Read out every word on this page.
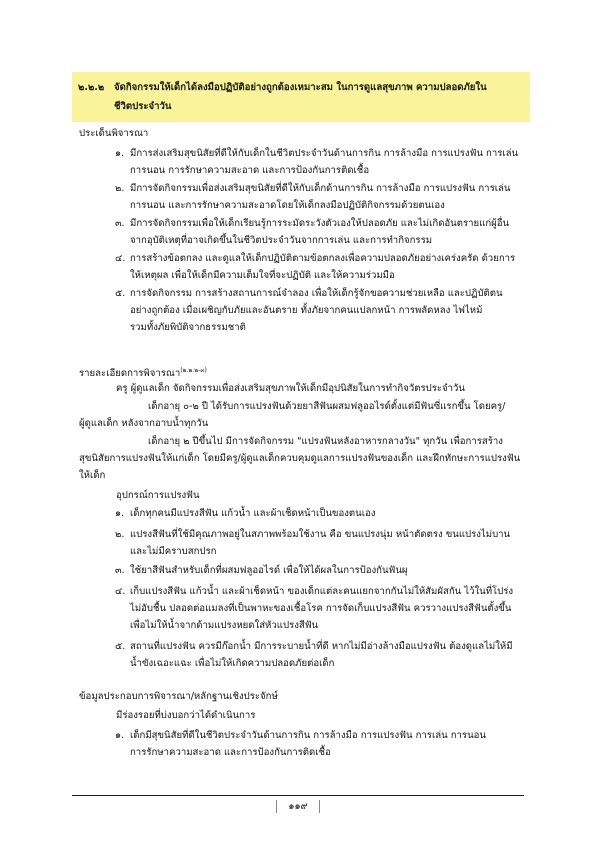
๒.๒.๒ จัดกิจกรรมให้เด็กได้ลงมือปฏิบัติอย่างถูกต้องเหมาะสม ในการดูแลสุขภาพ ความปลอดภัยใน
ชีวิตประจำวัน
ประเด็นพิจารณา
๑. มีการส่งเสริมสุขนิสัยที่ดีให้กับเด็กในชีวิตประจำวันด้านการกิน การล้างมือ การแปรงฟัน การเล่น
การนอน การรักษาความสะอาด และการป้องกันการติดเชื้อ
๒. มีการจัดกิจกรรมเพื่อส่งเสริมสุขนิสัยที่ดีให้กับเด็กด้านการกิน การล้างมือ การแปรงฟัน การเล่น
การนอน และการรักษาความสะอาดโดยให้เด็กลงมือปฏิบัติกิจกรรมด้วยตนเอง
๓. มีการจัดกิจกรรมเพื่อให้เด็กเรียนรู้การระมัดระวังตัวเองให้ปลอดภัย และไม่เกิดอันตรายแก่ผู้อื่น
จากอุบัติเหตุที่อาจเกิดขึ้นในชีวิตประจำวันจากการเล่น และการทำกิจกรรม
๔. การสร้างข้อตกลง และดูแลให้เด็กปฏิบัติตามข้อตกลงเพื่อความปลอดภัยอย่างเคร่งครัด ด้วยการ
ให้เหตุผล เพื่อให้เด็กมีความเต็มใจที่จะปฏิบัติ และให้ความร่วมมือ
๕. การจัดกิจกรรม การสร้างสถานการณ์จำลอง เพื่อให้เด็กรู้จักขอความช่วยเหลือ และปฏิบัติตน
อย่างถูกต้อง เมื่อเผชิญกับภัยและอันตราย ทั้งภัยจากคนแปลกหน้า การพลัดหลง ไฟไหม้
รวมทั้งภัยพิบัติจากธรรมชาติ
รายละเอียดการพิจารณา$^{(๒.๒.๒-๓)}$
ครู ผู้ดูแลเด็ก จัดกิจกรรมเพื่อส่งเสริมสุขภาพให้เด็กมีอุปนิสัยในการทำกิจวัตรประจำวัน
เด็กอายุ ๐-๒ ปี ได้รับการแปรงฟันด้วยยาสีฟันผสมฟลูออไรด์ตั้งแต่มีฟันซี่แรกขึ้น โดยครู/
ผู้ดูแลเด็ก หลังจากอาบน้ำทุกวัน
เด็กอายุ ๒ ปีขึ้นไป มีการจัดกิจกรรม "แปรงฟันหลังอาหารกลางวัน" ทุกวัน เพื่อการสร้าง
สุขนิสัยการแปรงฟันให้แก่เด็ก โดยมีครู/ผู้ดูแลเด็กควบคุมดูแลการแปรงฟันของเด็ก และฝึกทักษะการแปรงฟัน
ให้เด็ก
อุปกรณ์การแปรงฟัน
๑. เด็กทุกคนมีแปรงสีฟัน แก้วน้ำ และผ้าเช็ดหน้าเป็นของตนเอง
๒. แปรงสีฟันที่ใช้มีคุณภาพอยู่ในสภาพพร้อมใช้งาน คือ ขนแปรงนุ่ม หน้าตัดตรง ขนแปรงไม่บาน
และไม่มีคราบสกปรก
๓. ใช้ยาสีฟันสำหรับเด็กที่ผสมฟลูออไรด์ เพื่อให้ได้ผลในการป้องกันฟันผุ
๔. เก็บแปรงสีฟัน แก้วน้ำ และผ้าเช็ดหน้า ของเด็กแต่ละคนแยกจากกันไม่ให้สัมผัสกัน ไว้ในที่โปร่ง
ไม่อับชื้น ปลอดต่อแมลงที่เป็นพาหะของเชื้อโรค การจัดเก็บแปรงสีฟัน ควรวางแปรงสีฟันตั้งขึ้น
เพื่อไม่ให้น้ำจากด้ามแปรงหยดใส่หัวแปรงสีฟัน
๕. สถานที่แปรงฟัน ควรมีก๊อกน้ำ มีการระบายน้ำที่ดี หากไม่มีอ่างล้างมือแปรงฟัน ต้องดูแลไม่ให้มี
น้ำขังเฉอะแฉะ เพื่อไม่ให้เกิดความปลอดภัยต่อเด็ก
ข้อมูลประกอบการพิจารณา/หลักฐานเชิงประจักษ์
มีร่องรอยที่บ่งบอกว่าได้ดำเนินการ
๑. เด็กมีสุขนิสัยที่ดีในชีวิตประจำวันด้านการกิน การล้างมือ การแปรงฟัน การเล่น การนอน
การรักษาความสะอาด และการป้องกันการติดเชื้อ
๑๑๙
